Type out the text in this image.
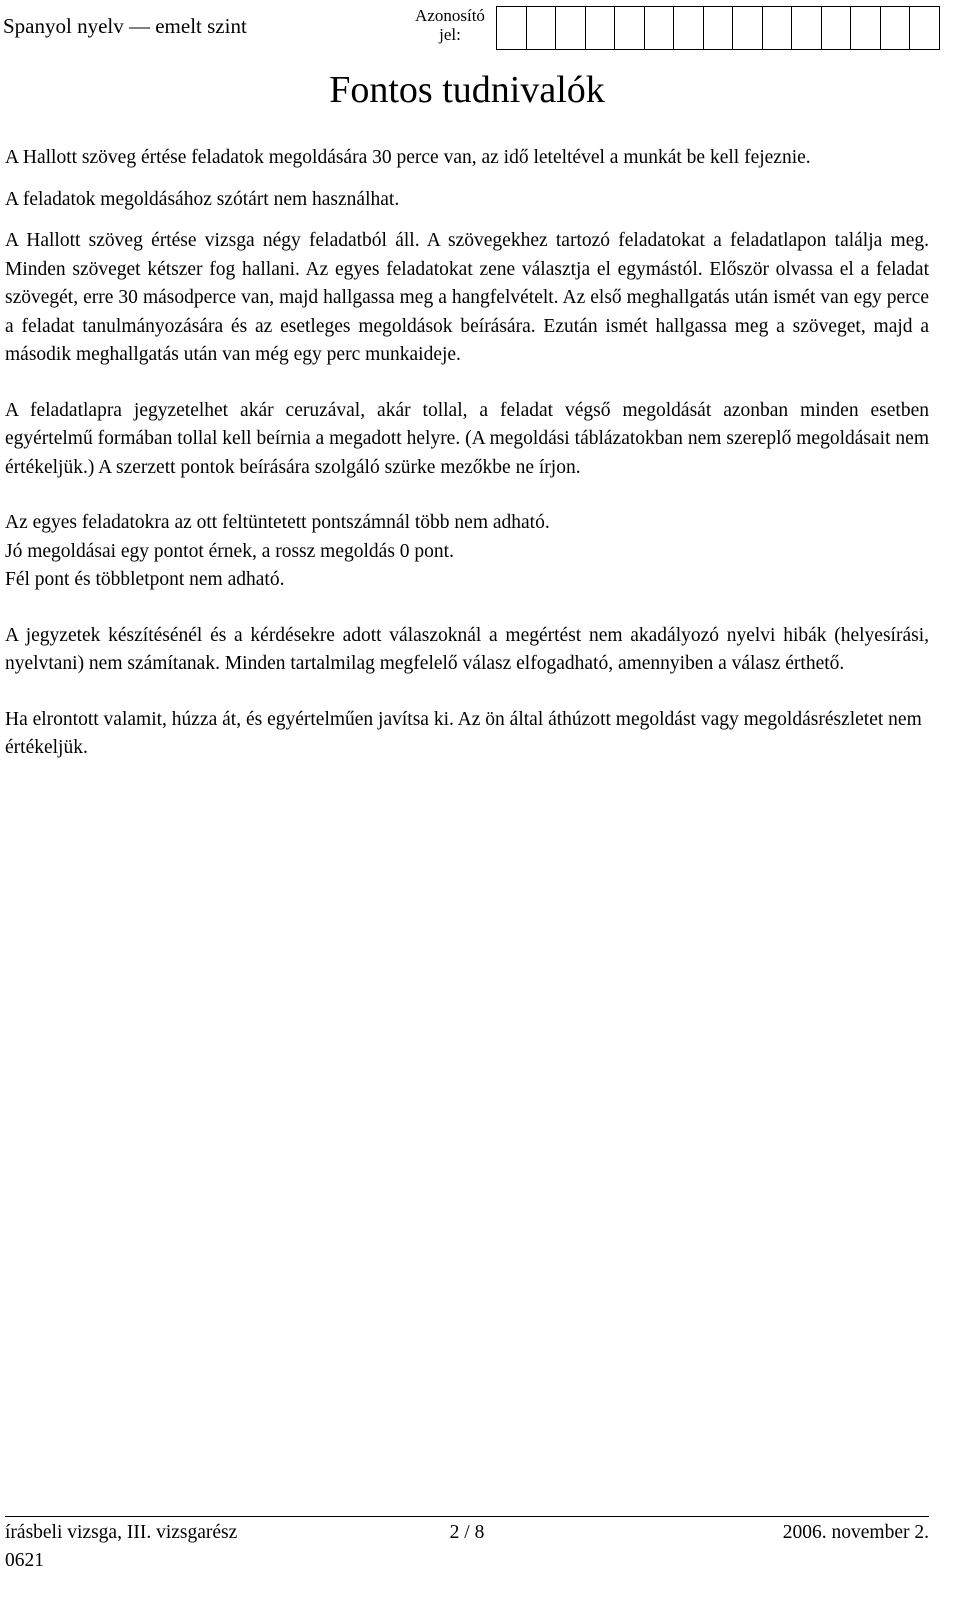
Spanyol nyelv — emelt szint	Azonosító
jel:
Fontos tudnivalók

A Hallott szöveg értése feladatok megoldására 30 perce van, az idő leteltével a munkát be kell fejeznie.

A feladatok megoldásához szótárt nem használhat.

A Hallott szöveg értése vizsga négy feladatból áll. A szövegekhez tartozó feladatokat a feladatlapon találja meg. Minden szöveget kétszer fog hallani. Az egyes feladatokat zene választja el egymástól. Először olvassa el a feladat szövegét, erre 30 másodperce van, majd hallgassa meg a hangfelvételt. Az első meghallgatás után ismét van egy perce a feladat tanulmányozására és az esetleges megoldások beírására. Ezután ismét hallgassa meg a szöveget, majd a második meghallgatás után van még egy perc munkaideje.

A feladatlapra jegyzetelhet akár ceruzával, akár tollal, a feladat végső megoldását azonban minden esetben egyértelmű formában tollal kell beírnia a megadott helyre. (A megoldási táblázatokban nem szereplő megoldásait nem értékeljük.) A szerzett pontok beírására szolgáló szürke mezőkbe ne írjon.

Az egyes feladatokra az ott feltüntetett pontszámnál több nem adható.

Jó megoldásai egy pontot érnek, a rossz megoldás 0 pont.

Fél pont és többletpont nem adható.

A jegyzetek készítésénél és a kérdésekre adott válaszoknál a megértést nem akadályozó nyelvi hibák (helyesírási, nyelvtani) nem számítanak. Minden tartalmilag megfelelő válasz elfogadható, amennyiben a válasz érthető.

Ha elrontott valamit, húzza át, és egyértelműen javítsa ki. Az ön által áthúzott megoldást vagy megoldásrészletet nem értékeljük.

írásbeli vizsga, III. vizsgarész	2 / 8	2006. november 2.
0621
